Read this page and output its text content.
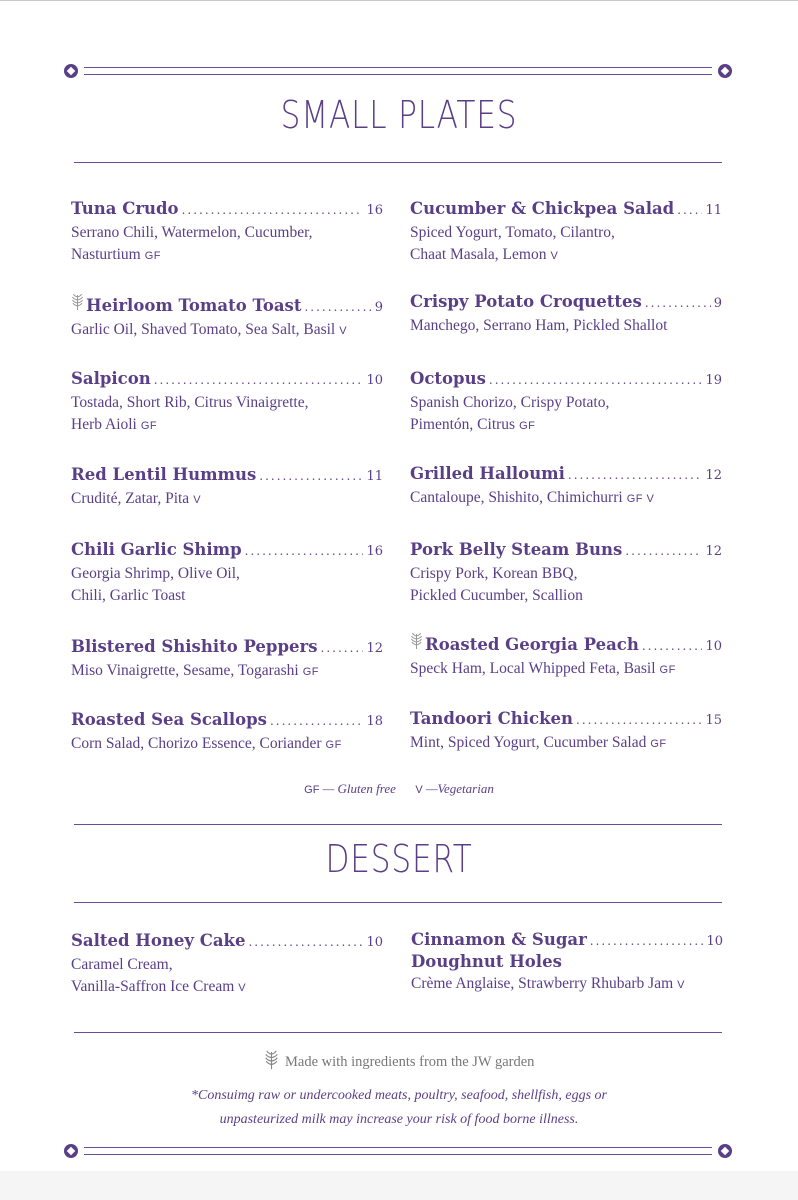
SMALL PLATES
Tuna Crudo .....	16
Serrano Chili, Watermelon, Cucumber,
Nasturtium GF
Heirloom Tomato Toast .....	9
Garlic Oil, Shaved Tomato, Sea Salt, Basil V
Salpicon .....	10
Tostada, Short Rib, Citrus Vinaigrette,
Herb Aioli GF
Red Lentil Hummus .....	11
Crudité, Zatar, Pita V
Chili Garlic Shimp .....	16
Georgia Shrimp, Olive Oil,
Chili, Garlic Toast
Blistered Shishito Peppers .....	12
Miso Vinaigrette, Sesame, Togarashi GF
Roasted Sea Scallops .....	18
Corn Salad, Chorizo Essence, Coriander GF
Cucumber & Chickpea Salad ..... 11
Spiced Yogurt, Tomato, Cilantro,
Chaat Masala, Lemon V
Crispy Potato Croquettes .....	9
Manchego, Serrano Ham, Pickled Shallot
Octopus .....	19
Spanish Chorizo, Crispy Potato,
Pimentón, Citrus GF
Grilled Halloumi .....	12
Cantaloupe, Shishito, Chimichurri GF V
Pork Belly Steam Buns .....	12
Crispy Pork, Korean BBQ,
Pickled Cucumber, Scallion
Roasted Georgia Peach .....	10
Speck Ham, Local Whipped Feta, Basil GF
Tandoori Chicken .....	15
Mint, Spiced Yogurt, Cucumber Salad GF
GF — Gluten free V —Vegetarian
DESSERT
Salted Honey Cake .....	10
Caramel Cream,
Vanilla-Saffron Ice Cream V
Cinnamon & Sugar .....	10
Doughnut Holes
Crème Anglaise, Strawberry Rhubarb Jam V
Made with ingredients from the JW garden
*Consuimg raw or undercooked meats, poultry, seafood, shellfish, eggs or
unpasteurized milk may increase your risk of food borne illness.
